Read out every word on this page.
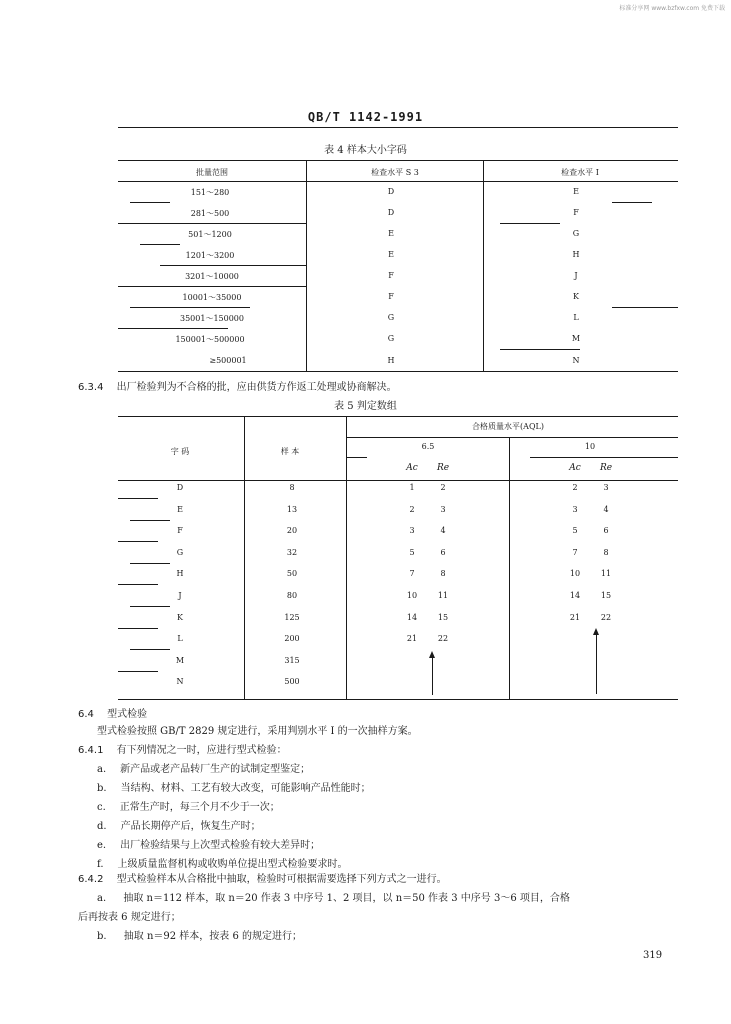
标准分享网 www.bzfxw.com 免费下载
QB/T 1142-1991
表 4 样本大小字码
批量范围	检查水平 S 3	检查水平 Ⅰ
151～280	D	E
281～500	D	F
501～1200	E	G
1201～3200	E	H
3201～10000	F	J
10001～35000	F	K
35001～150000	G	L
150001～500000	G	M
≥500001	H	N
6.3.4 出厂检验判为不合格的批，应由供货方作返工处理或协商解决。
表 5 判定数组
字 码	样 本
合格质量水平(AQL)
6.5	10
Ac Re	Ac Re
D	8	1	2	2	3
E	13	2	3	3	4
F	20	3	4	5	6
G	32	5	6	7	8
H	50	7	8	10	11
J	80	10	11	14	15
K	125	14	15	21	22
L	200	21	22
M	315
N	500
6.4 型式检验
型式检验按照 GB/T 2829 规定进行，采用判别水平 Ⅰ 的一次抽样方案。
6.4.1 有下列情况之一时，应进行型式检验：
a. 新产品或老产品转厂生产的试制定型鉴定；
b. 当结构、材料、工艺有较大改变，可能影响产品性能时；
c. 正常生产时，每三个月不少于一次；
d. 产品长期停产后，恢复生产时；
e. 出厂检验结果与上次型式检验有较大差异时；
f. 上级质量监督机构或收购单位提出型式检验要求时。
6.4.2 型式检验样本从合格批中抽取，检验时可根据需要选择下列方式之一进行。
a. 抽取 n＝112 样本，取 n＝20 作表 3 中序号 1、2 项目，以 n＝50 作表 3 中序号 3～6 项目，合格
后再按表 6 规定进行；
b. 抽取 n＝92 样本，按表 6 的规定进行；
319
